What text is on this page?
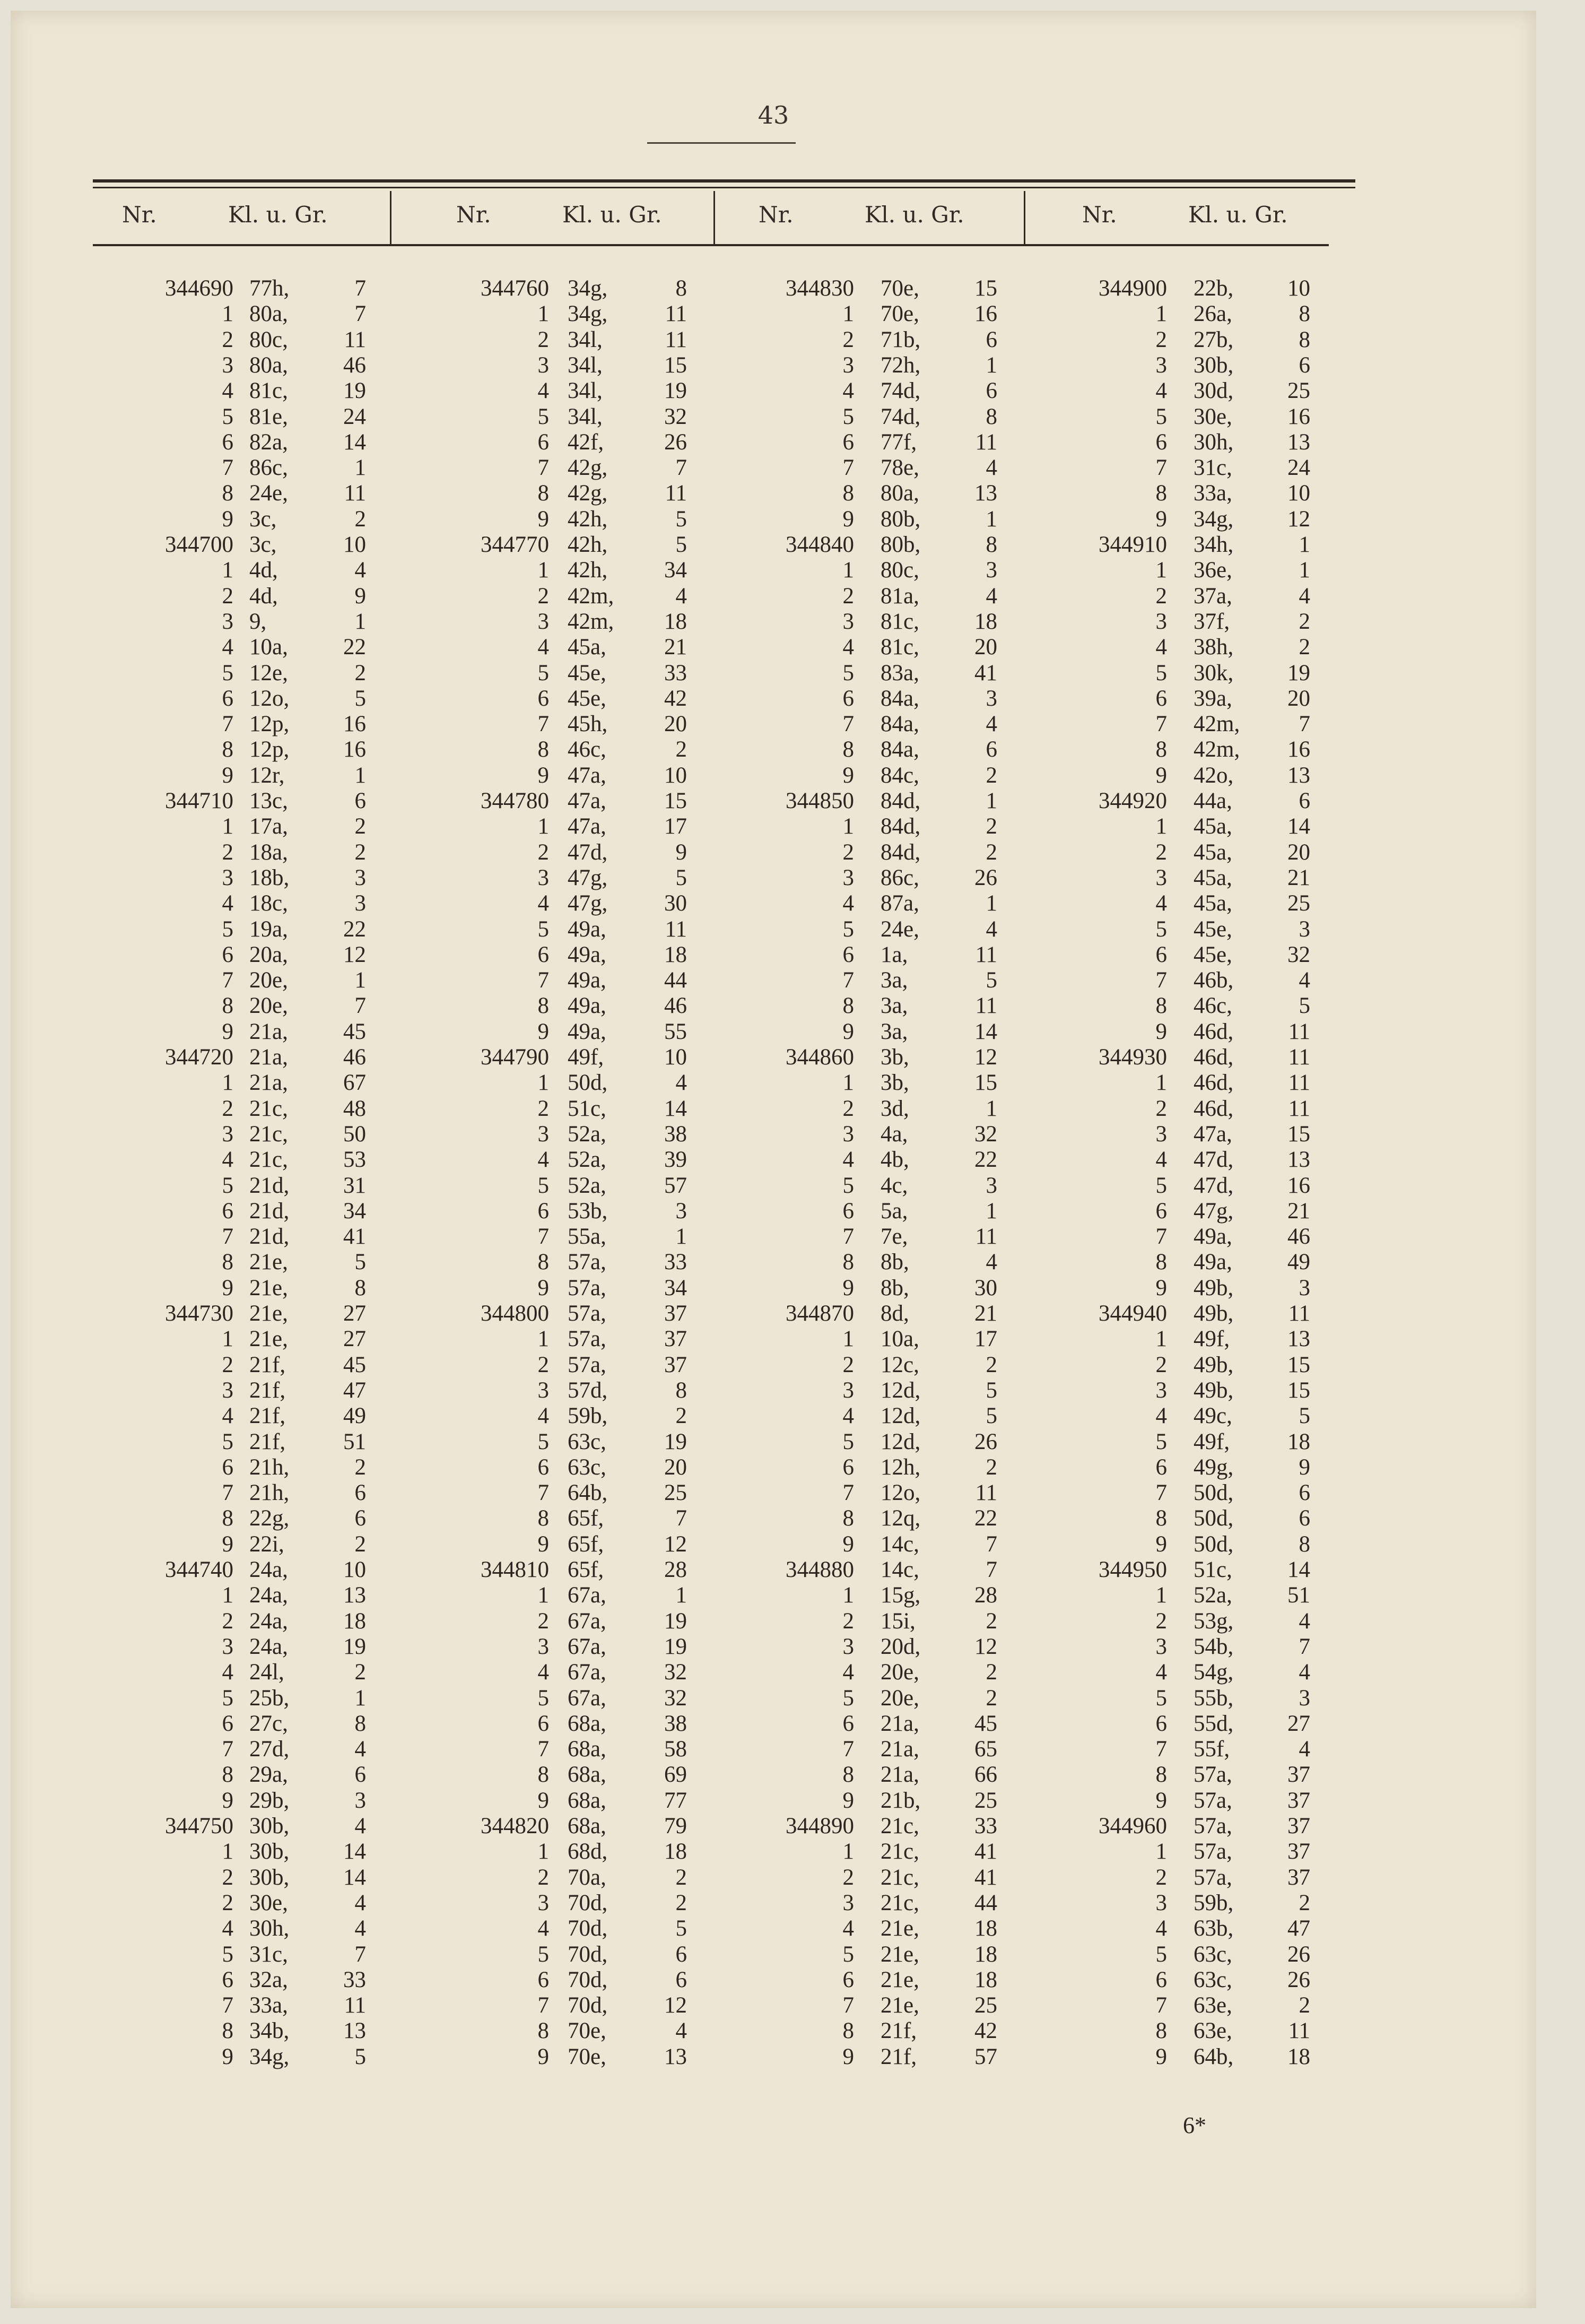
43
Nr.	Kl. u. Gr.	Nr.	Kl. u. Gr.	Nr.	Kl. u. Gr.	Nr.	Kl. u. Gr.
344690 77h,	7
1 80a,	7
2 80c, 11
3 80a, 46
4 81c, 19
5 81e, 24
6 82a, 14
7 86c,	1
8 24e, 11
9 3c,	2
344700 3c,	10
1 4d,	4
2 4d,	9
3 9,	1
4 10a, 22
5 12e,	2
6 12o,	5
7 12p, 16
8 12p, 16
9 12r,	1
344710 13c,	6
1 17a,	2
2 18a,	2
3 18b,	3
4 18c,	3
5 19a, 22
6 20a, 12
7 20e,	1
8 20e,	7
9 21a, 45
344720 21a, 46
1 21a, 67
2 21c, 48
3 21c, 50
4 21c, 53
5 21d, 31
6 21d, 34
7 21d, 41
8 21e,	5
9 21e,	8
344730 21e, 27
1 21e, 27
2 21f,	45
3 21f,	47
4 21f,	49
5 21f,	51
6 21h,	2
7 21h,	6
8 22g,	6
9 22i,	2
344740 24a, 10
1 24a, 13
2 24a, 18
3 24a, 19
4 24l,	2
5 25b,	1
6 27c,	8
7 27d,	4
8 29a,	6
9 29b,	3
344750 30b,	4
1 30b, 14
2 30b, 14
2 30e,	4
4 30h,	4
5 31c,	7
6 32a, 33
7 33a, 11
8 34b, 13
9 34g,	5
344760 34g,	8
1 34g,	11
2 34l,	11
3 34l,	15
4 34l,	19
5 34l,	32
6 42f,	26
7 42g,	7
8 42g,	11
9 42h,	5
344770 42h,	5
1 42h, 34
2 42m,	4
3 42m, 18
4 45a,	21
5 45e,	33
6 45e,	42
7 45h, 20
8 46c,	2
9 47a,	10
344780 47a,	15
1 47a,	17
2 47d,	9
3 47g,	5
4 47g, 30
5 49a,	11
6 49a,	18
7 49a,	44
8 49a,	46
9 49a,	55
344790 49f,	10
1 50d,	4
2 51c,	14
3 52a,	38
4 52a,	39
5 52a,	57
6 53b,	3
7 55a,	1
8 57a,	33
9 57a,	34
344800 57a,	37
1 57a,	37
2 57a,	37
3 57d,	8
4 59b,	2
5 63c,	19
6 63c,	20
7 64b, 25
8 65f,	7
9 65f,	12
344810 65f,	28
1 67a,	1
2 67a,	19
3 67a,	19
4 67a,	32
5 67a,	32
6 68a,	38
7 68a,	58
8 68a,	69
9 68a,	77
344820 68a,	79
1 68d, 18
2 70a,	2
3 70d,	2
4 70d,	5
5 70d,	6
6 70d,	6
7 70d, 12
8 70e,	4
9 70e,	13
344830 70e, 15
1 70e, 16
2 71b,	6
3 72h,	1
4 74d,	6
5 74d,	8
6 77f,	11
7 78e,	4
8 80a, 13
9 80b,	1
344840 80b,	8
1 80c,	3
2 81a,	4
3 81c, 18
4 81c, 20
5 83a, 41
6 84a,	3
7 84a,	4
8 84a,	6
9 84c,	2
344850 84d,	1
1 84d,	2
2 84d,	2
3 86c, 26
4 87a,	1
5 24e,	4
6 1a,	11
7 3a,	5
8 3a,	11
9 3a,	14
344860 3b,	12
1 3b,	15
2 3d,	1
3 4a,	32
4 4b,	22
5 4c,	3
6 5a,	1
7 7e,	11
8 8b,	4
9 8b,	30
344870 8d,	21
1 10a, 17
2 12c,	2
3 12d,	5
4 12d,	5
5 12d, 26
6 12h,	2
7 12o, 11
8 12q, 22
9 14c,	7
344880 14c,	7
1 15g, 28
2 15i,	2
3 20d, 12
4 20e,	2
5 20e,	2
6 21a, 45
7 21a, 65
8 21a, 66
9 21b, 25
344890 21c, 33
1 21c, 41
2 21c, 41
3 21c, 44
4 21e, 18
5 21e, 18
6 21e, 18
7 21e, 25
8 21f,	42
9 21f,	57
344900 22b, 10
1 26a,	8
2 27b,	8
3 30b,	6
4 30d, 25
5 30e, 16
6 30h, 13
7 31c, 24
8 33a, 10
9 34g, 12
344910 34h,	1
1 36e,	1
2 37a,	4
3 37f,	2
4 38h,	2
5 30k, 19
6 39a, 20
7 42m,	7
8 42m, 16
9 42o, 13
344920 44a,	6
1 45a, 14
2 45a, 20
3 45a, 21
4 45a, 25
5 45e,	3
6 45e, 32
7 46b,	4
8 46c,	5
9 46d, 11
344930 46d, 11
1 46d, 11
2 46d, 11
3 47a, 15
4 47d, 13
5 47d, 16
6 47g, 21
7 49a, 46
8 49a, 49
9 49b,	3
344940 49b, 11
1 49f,	13
2 49b, 15
3 49b, 15
4 49c,	5
5 49f,	18
6 49g,	9
7 50d,	6
8 50d,	6
9 50d,	8
344950 51c, 14
1 52a, 51
2 53g,	4
3 54b,	7
4 54g,	4
5 55b,	3
6 55d, 27
7 55f,	4
8 57a, 37
9 57a, 37
344960 57a, 37
1 57a, 37
2 57a, 37
3 59b,	2
4 63b, 47
5 63c, 26
6 63c, 26
7 63e,	2
8 63e, 11
9 64b, 18
6*
